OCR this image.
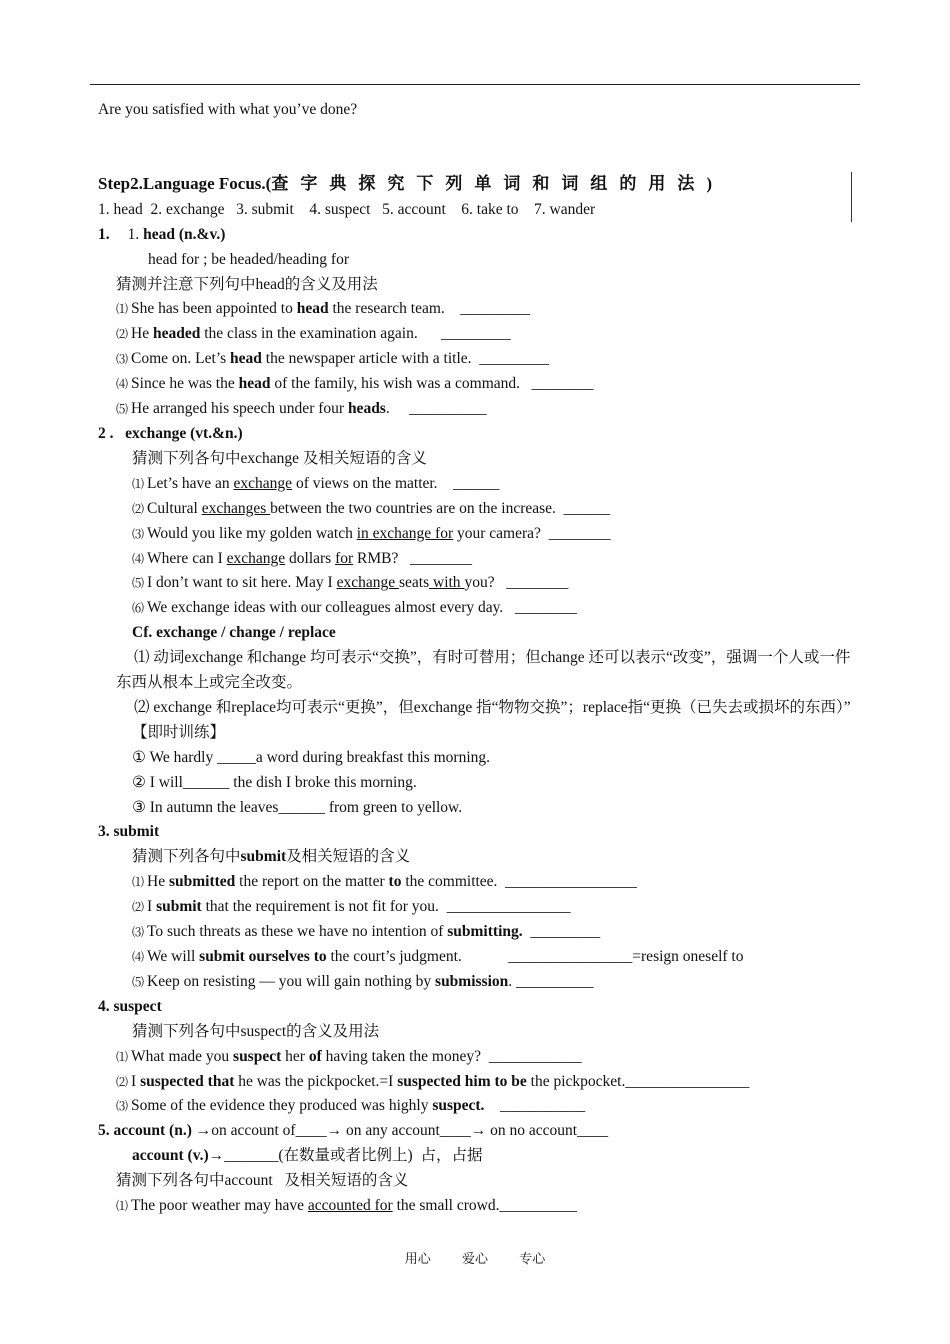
Are you satisfied with what you’ve done?
Step2.Language Focus.(查字典探究下列单词和词组的用法)
1. head  2. exchange   3. submit    4. suspect   5. account    6. take to    7. wander
1. 1. head (n.&v.)
head for ; be headed/heading for
猜测并注意下列句中head的含义及用法
⑴ She has been appointed to head the research team.    _________
⑵ He headed the class in the examination again.      _________
⑶ Come on. Let’s head the newspaper article with a title.  _________
⑷ Since he was the head of the family, his wish was a command.   ________
⑸ He arranged his speech under four heads.     __________
2 .   exchange (vt.&n.)
猜测下列各句中exchange 及相关短语的含义
⑴ Let’s have an exchange of views on the matter.    ______
⑵ Cultural exchanges between the two countries are on the increase.  ______
⑶ Would you like my golden watch in exchange for your camera?  ________
⑷ Where can I exchange dollars for RMB?   ________
⑸ I don’t want to sit here. May I exchange seats with you?   ________
⑹ We exchange ideas with our colleagues almost every day.   ________
Cf. exchange / change / replace
⑴ 动词exchange 和change 均可表示“交换”，有时可替用；但change 还可以表示“改变”，强调一个人或一件东西从根本上或完全改变。
⑵ exchange 和replace均可表示“更换”，但exchange 指“物物交换”；replace指“更换（已失去或损坏的东西）”
【即时训练】
① We hardly _____a word during breakfast this morning.
② I will______ the dish I broke this morning.
③ In autumn the leaves______ from green to yellow.
3. submit
猜测下列各句中submit及相关短语的含义
⑴ He submitted the report on the matter to the committee.  _________________
⑵ I submit that the requirement is not fit for you.  ________________
⑶ To such threats as these we have no intention of submitting.  _________
⑷ We will submit ourselves to the court’s judgment.            ________________=resign oneself to
⑸ Keep on resisting — you will gain nothing by submission. __________
4. suspect
猜测下列各句中suspect的含义及用法
⑴ What made you suspect her of having taken the money?  ____________
⑵ I suspected that he was the pickpocket.=I suspected him to be the pickpocket.________________
⑶ Some of the evidence they produced was highly suspect.    ___________
5. account (n.) →on account of____→ on any account____→ on no account____
account (v.)→_______(在数量或者比例上)  占，占据
猜测下列各句中account   及相关短语的含义
⑴ The poor weather may have accounted for the small crowd.__________
用心 爱心 专心
